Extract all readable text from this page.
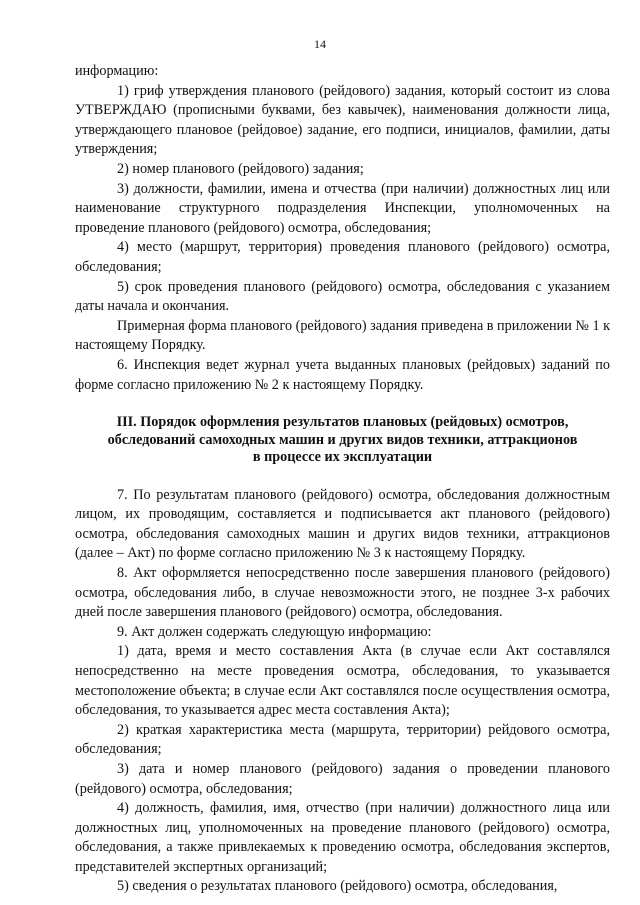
14

информацию:

1) гриф утверждения планового (рейдового) задания, который состоит из слова УТВЕРЖДАЮ (прописными буквами, без кавычек), наименования должности лица, утверждающего плановое (рейдовое) задание, его подписи, инициалов, фамилии, даты утверждения;

2) номер планового (рейдового) задания;

3) должности, фамилии, имена и отчества (при наличии) должностных лиц или наименование структурного подразделения Инспекции, уполномоченных на проведение планового (рейдового) осмотра, обследования;

4) место (маршрут, территория) проведения планового (рейдового) осмотра, обследования;

5) срок проведения планового (рейдового) осмотра, обследования с указанием даты начала и окончания.

Примерная форма планового (рейдового) задания приведена в приложении № 1 к настоящему Порядку.

6. Инспекция ведет журнал учета выданных плановых (рейдовых) заданий по форме согласно приложению № 2 к настоящему Порядку.

III. Порядок оформления результатов плановых (рейдовых) осмотров,
обследований самоходных машин и других видов техники, аттракционов
в процессе их эксплуатации

7. По результатам планового (рейдового) осмотра, обследования должностным лицом, их проводящим, составляется и подписывается акт планового (рейдового) осмотра, обследования самоходных машин и других видов техники, аттракционов (далее – Акт) по форме согласно приложению № 3 к настоящему Порядку.

8. Акт оформляется непосредственно после завершения планового (рейдового) осмотра, обследования либо, в случае невозможности этого, не позднее 3-х рабочих дней после завершения планового (рейдового) осмотра, обследования.

9. Акт должен содержать следующую информацию:

1) дата, время и место составления Акта (в случае если Акт составлялся непосредственно на месте проведения осмотра, обследования, то указывается местоположение объекта; в случае если Акт составлялся после осуществления осмотра, обследования, то указывается адрес места составления Акта);

2) краткая характеристика места (маршрута, территории) рейдового осмотра, обследования;

3) дата и номер планового (рейдового) задания о проведении планового (рейдового) осмотра, обследования;

4) должность, фамилия, имя, отчество (при наличии) должностного лица или должностных лиц, уполномоченных на проведение планового (рейдового) осмотра, обследования, а также привлекаемых к проведению осмотра, обследования экспертов, представителей экспертных организаций;

5) сведения о результатах планового (рейдового) осмотра, обследования,
